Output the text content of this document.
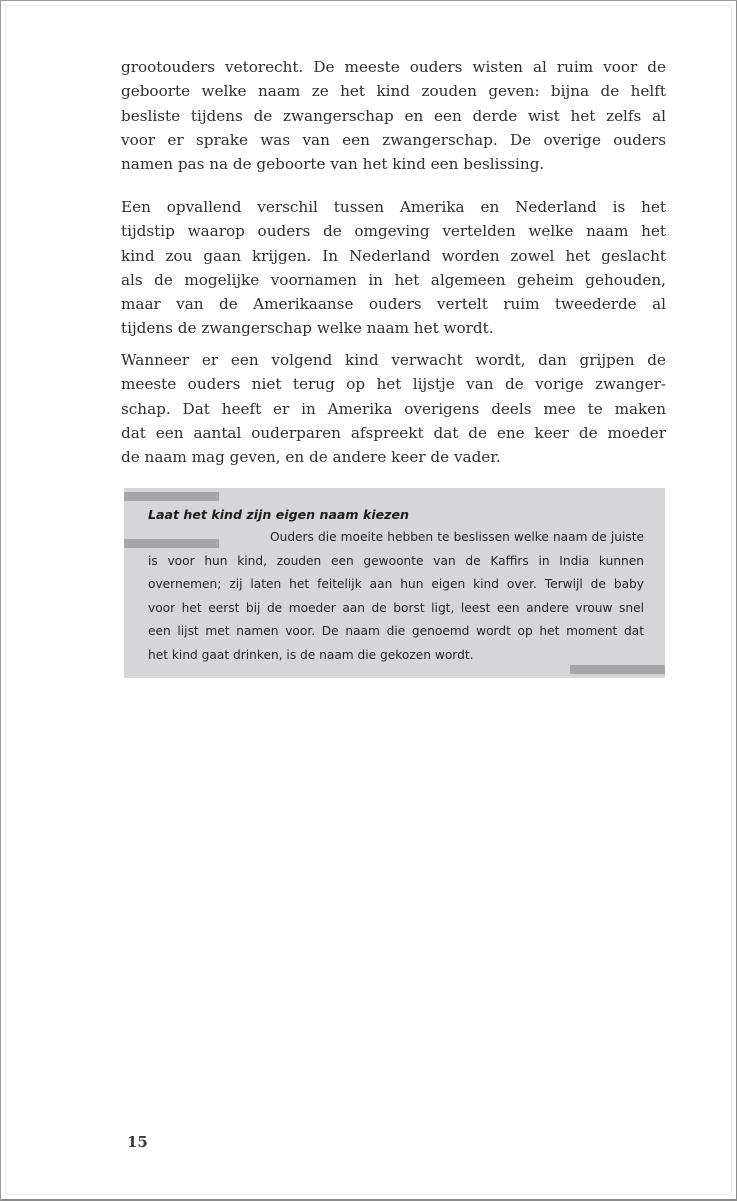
grootouders vetorecht. De meeste ouders wisten al ruim voor de
geboorte welke naam ze het kind zouden geven: bijna de helft
besliste tijdens de zwangerschap en een derde wist het zelfs al
voor er sprake was van een zwangerschap. De overige ouders
namen pas na de geboorte van het kind een beslissing.
Een opvallend verschil tussen Amerika en Nederland is het
tijdstip waarop ouders de omgeving vertelden welke naam het
kind zou gaan krijgen. In Nederland worden zowel het geslacht
als de mogelijke voornamen in het algemeen geheim gehouden,
maar van de Amerikaanse ouders vertelt ruim tweederde al
tijdens de zwangerschap welke naam het wordt.
Wanneer er een volgend kind verwacht wordt, dan grijpen de
meeste ouders niet terug op het lijstje van de vorige zwanger-
schap. Dat heeft er in Amerika overigens deels mee te maken
dat een aantal ouderparen afspreekt dat de ene keer de moeder
de naam mag geven, en de andere keer de vader.

Laat het kind zijn eigen naam kiezen

Ouders die moeite hebben te beslissen welke naam de juiste
is voor hun kind, zouden een gewoonte van de Kaffirs in India kunnen
overnemen; zij laten het feitelijk aan hun eigen kind over. Terwijl de baby
voor het eerst bij de moeder aan de borst ligt, leest een andere vrouw snel
een lijst met namen voor. De naam die genoemd wordt op het moment dat
het kind gaat drinken, is de naam die gekozen wordt.

15
